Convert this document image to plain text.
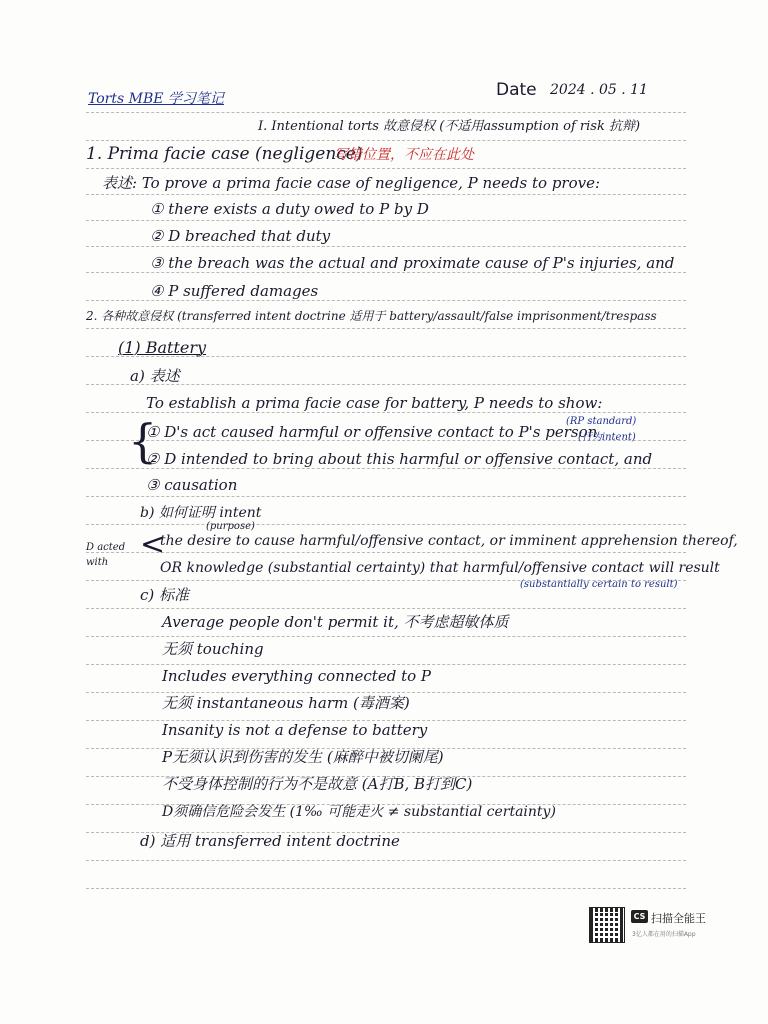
Torts MBE 学习笔记	Date 2024 . 05 . 11
I. Intentional torts 故意侵权 (不适用assumption of risk 抗辩)
1. Prima facie case (negligence)
写错位置，不应在此处
表述: To prove a prima facie case of negligence, P needs to prove:
① there exists a duty owed to P by D
② D breached that duty
③ the breach was the actual and proximate cause of P's injuries, and
④ P suffered damages
2. 各种故意侵权 (transferred intent doctrine 适用于 battery/assault/false imprisonment/trespass
(1) Battery
a) 表述
To establish a prima facie case for battery, P needs to show:
{
① D's act caused harmful or offensive contact to P's person
(RP standard)
(行为intent)
② D intended to bring about this harmful or offensive contact, and
③ causation
b) 如何证明 intent
(purpose)
D acted with
<
the desire to cause harmful/offensive contact, or imminent apprehension thereof,
OR knowledge (substantial certainty) that harmful/offensive contact will result
(substantially certain to result)
c) 标准
Average people don't permit it, 不考虑超敏体质
无须 touching
Includes everything connected to P
无须 instantaneous harm (毒酒案)
Insanity is not a defense to battery
P无须认识到伤害的发生 (麻醉中被切阑尾)
不受身体控制的行为不是故意 (A打B, B打到C)
D须确信危险会发生 (1‰ 可能走火 ≠ substantial certainty)
d) 适用 transferred intent doctrine
CS 扫描全能王
3亿人都在用的扫描App
